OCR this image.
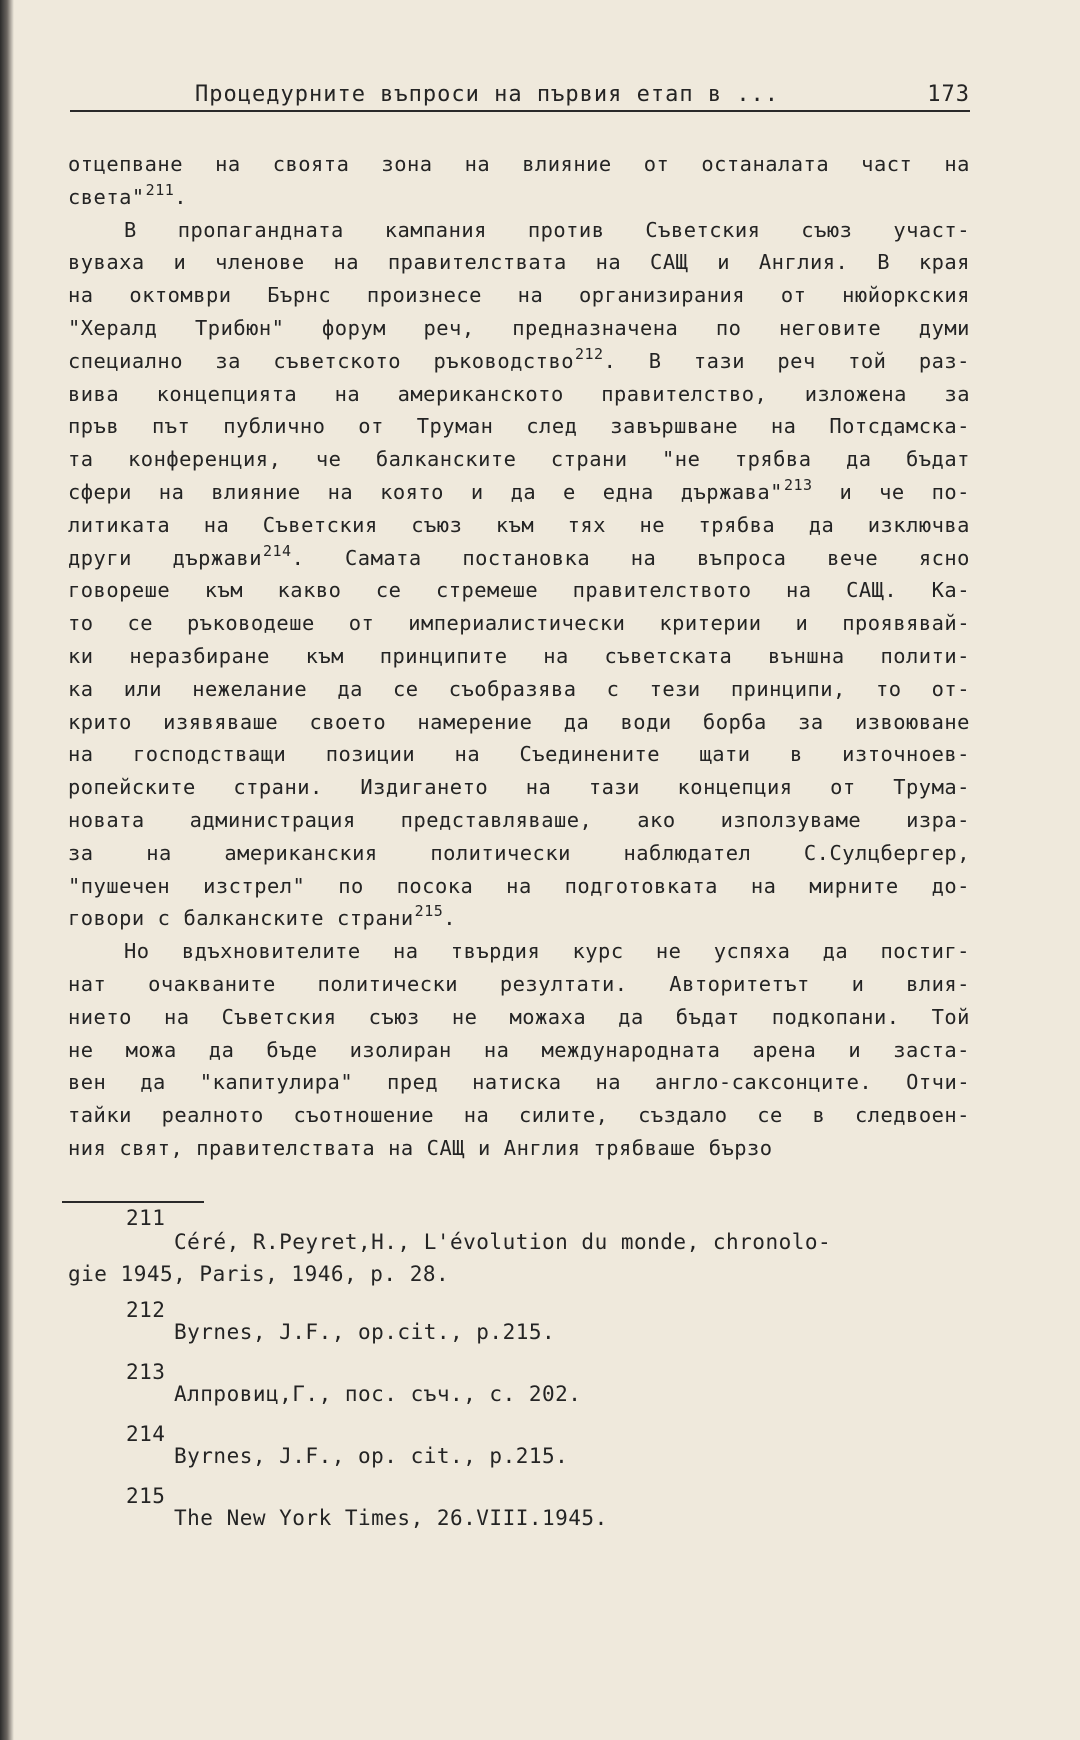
Процедурните въпроси на първия етап в ...	173
отцепване на своята зона на влияние от останалата част на
света"$^{211}$.
В пропагандната кампания против Съветския съюз участ-
вуваха и членове на правителствата на САЩ и Англия. В края
на октомври Бърнс произнесе на организирания от нюйоркския
"Хералд Трибюн" форум реч, предназначена по неговите думи
специално за съветското ръководство$^{212}$. В тази реч той раз-
вива концепцията на американското правителство, изложена за
пръв път публично от Труман след завършване на Потсдамска-
та конференция, че балканските страни "не трябва да бъдат
сфери на влияние на която и да е една държава"$^{213}$ и че по-
литиката на Съветския съюз към тях не трябва да изключва
други държави$^{214}$. Самата постановка на въпроса вече ясно
говореше към какво се стремеше правителството на САЩ. Ка-
то се ръководеше от империалистически критерии и проявявай-
ки неразбиране към принципите на съветската външна полити-
ка или нежелание да се съобразява с тези принципи, то от-
крито изявяваше своето намерение да води борба за извоюване
на господстващи позиции на Съединените щати в източноев-
ропейските страни. Издигането на тази концепция от Трума-
новата администрация представляваше, ако използуваме изра-
за	на	американския	политически	наблюдател	С.Сулцбергер,
"пушечен изстрел" по посока на подготовката на мирните до-
говори с балканските страни$^{215}$.
Но вдъхновителите на твърдия курс не успяха да постиг-
нат очакваните политически резултати. Авторитетът и влия-
нието на Съветския съюз не можаха да бъдат подкопани. Той
не можа да бъде изолиран на международната арена и заста-
вен да "капитулира" пред натиска на англо-саксонците. Отчи-
тайки реалното съотношение на силите, създало се в следвоен-
ния свят, правителствата на САЩ и Англия трябваше бързо
211
Céré, R.Peyret,H., L'évolution du monde, chronolo-
gie 1945, Paris, 1946, p. 28.
212
Byrnes, J.F., op.cit., p.215.
213
Алпровиц,Г., пос. съч., с. 202.
214
Byrnes, J.F., op. cit., p.215.
215
The New York Times, 26.VIII.1945.
